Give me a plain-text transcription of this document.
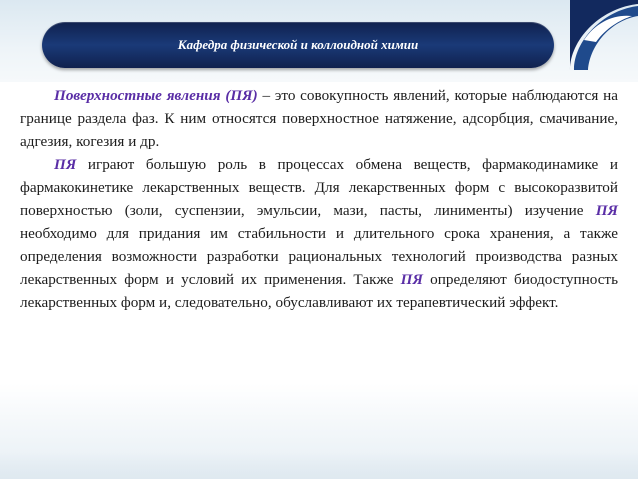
Кафедра физической и коллоидной химии

Поверхностные явления (ПЯ) – это совокупность явлений, которые наблюдаются на границе раздела фаз. К ним относятся поверхностное натяжение, адсорбция, смачивание, адгезия, когезия и др.

ПЯ играют большую роль в процессах обмена веществ, фармакодинамике и фармакокинетике лекарственных веществ. Для лекарственных форм с высокоразвитой поверхностью (золи, суспензии, эмульсии, мази, пасты, линименты) изучение ПЯ необходимо для придания им стабильности и длительного срока хранения, а также определения возможности разработки рациональных технологий производства разных лекарственных форм и условий их применения. Также ПЯ определяют биодоступность лекарственных форм и, следовательно, обуславливают их терапевтический эффект.
